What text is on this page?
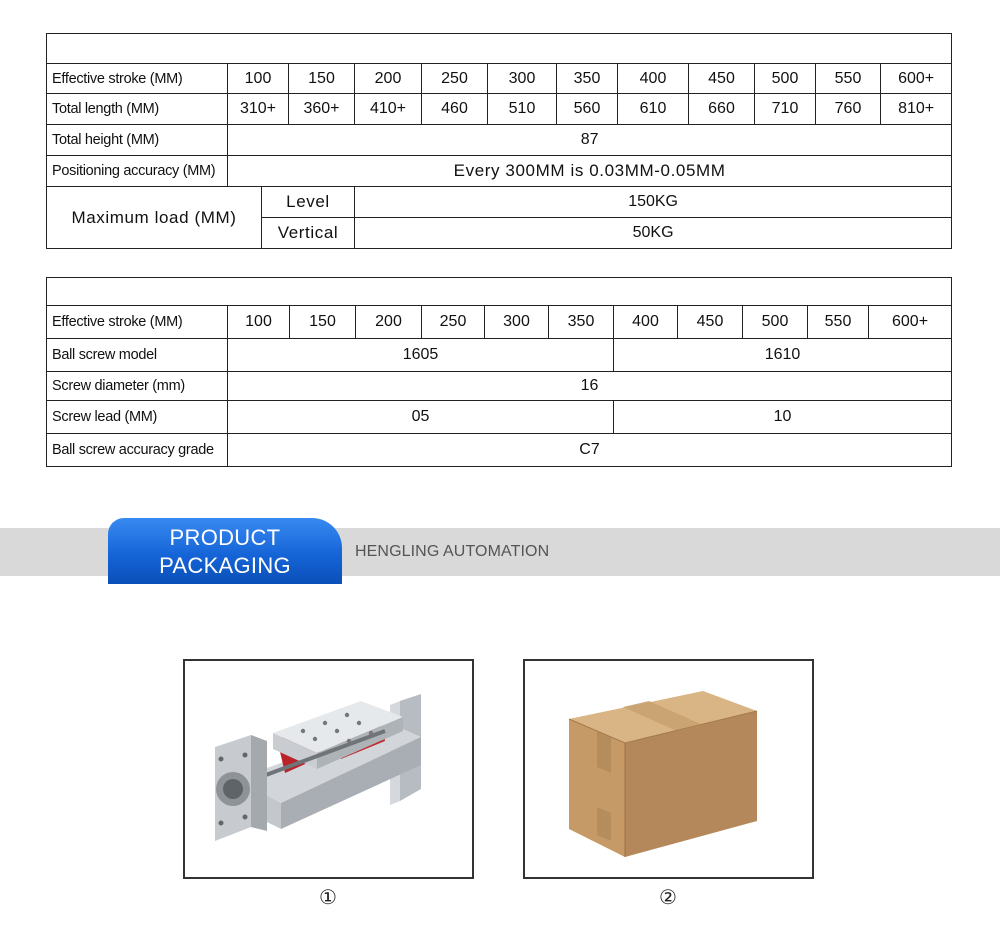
Effective stroke (MM)	100		150	200	250	300	350	400	450	500	550	600+
Total length (MM)	310+		360+	410+	460	510	560	610	660	710	760	810+
Total height (MM)	87											
Positioning accuracy (MM)	Every 300MM is 0.03MM-0.05MM											
Maximum load (MM)		Level		150KG								
		Vertical		50KG								

Effective stroke (MM)	100	150	200	250	300	350	400	450	500	550	600+
Ball screw model	1605						1610				
Screw diameter (mm)	16										
Screw lead (MM)	05						10				
Ball screw accuracy grade	C7										
PRODUCT
PACKAGING
HENGLING AUTOMATION
①	②
